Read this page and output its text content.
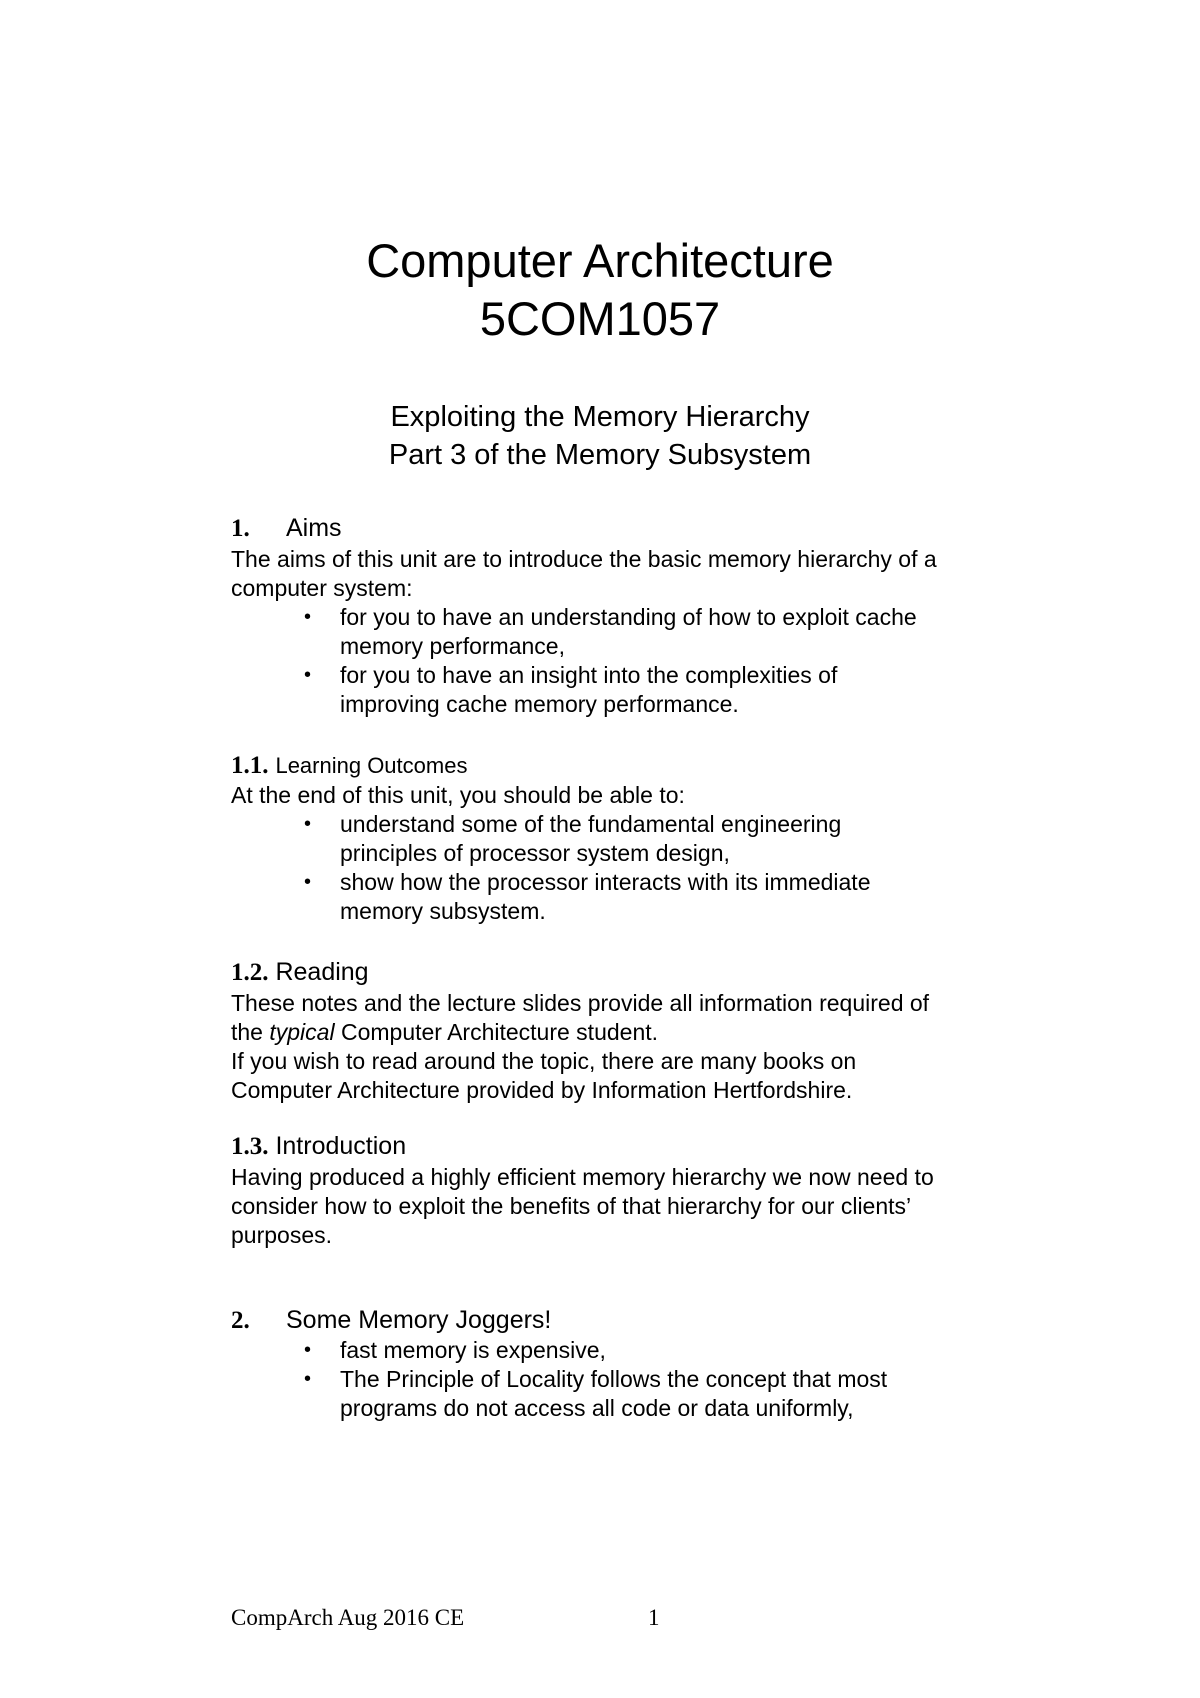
Computer Architecture
5COM1057
Exploiting the Memory Hierarchy
Part 3 of the Memory Subsystem
1. Aims
The aims of this unit are to introduce the basic memory hierarchy of a
computer system:
• for you to have an understanding of how to exploit cache
memory performance,
• for you to have an insight into the complexities of
improving cache memory performance.
1.1. Learning Outcomes
At the end of this unit, you should be able to:
• understand some of the fundamental engineering
principles of processor system design,
• show how the processor interacts with its immediate
memory subsystem.
1.2. Reading
These notes and the lecture slides provide all information required of
the typical Computer Architecture student.
If you wish to read around the topic, there are many books on
Computer Architecture provided by Information Hertfordshire.
1.3. Introduction
Having produced a highly efficient memory hierarchy we now need to
consider how to exploit the benefits of that hierarchy for our clients’
purposes.
2. Some Memory Joggers!
• fast memory is expensive,
• The Principle of Locality follows the concept that most
programs do not access all code or data uniformly,
CompArch Aug 2016 CE	1
